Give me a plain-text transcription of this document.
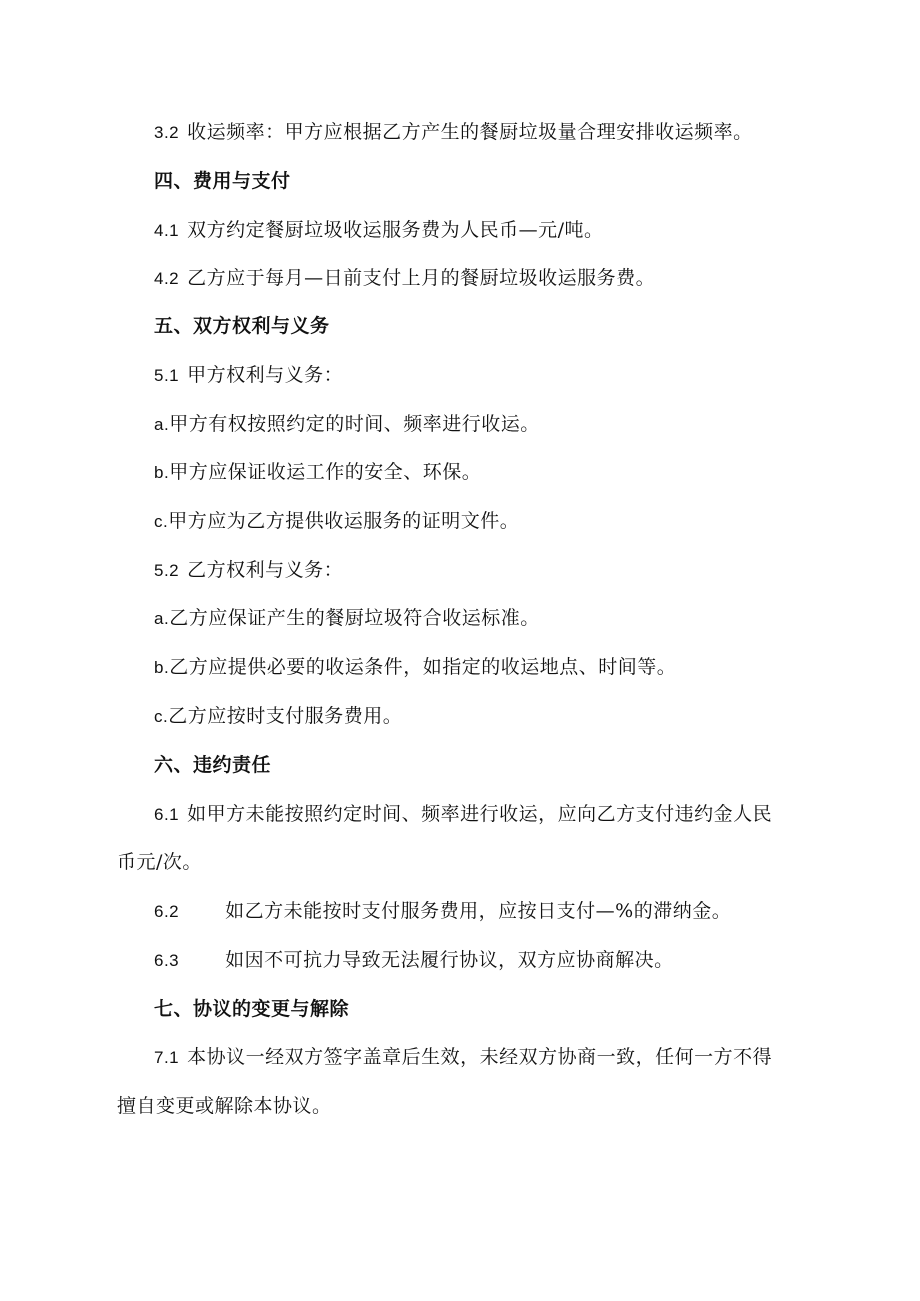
3.2 收运频率：甲方应根据乙方产生的餐厨垃圾量合理安排收运频率。
四、费用与支付
4.1 双方约定餐厨垃圾收运服务费为人民币—元/吨。
4.2 乙方应于每月—日前支付上月的餐厨垃圾收运服务费。
五、双方权利与义务
5.1 甲方权利与义务：
a.甲方有权按照约定的时间、频率进行收运。
b.甲方应保证收运工作的安全、环保。
c.甲方应为乙方提供收运服务的证明文件。
5.2 乙方权利与义务：
a.乙方应保证产生的餐厨垃圾符合收运标准。
b.乙方应提供必要的收运条件，如指定的收运地点、时间等。
c.乙方应按时支付服务费用。
六、违约责任
6.1 如甲方未能按照约定时间、频率进行收运，应向乙方支付违约金人民
币元/次。
6.2 如乙方未能按时支付服务费用，应按日支付—%的滞纳金。
6.3 如因不可抗力导致无法履行协议，双方应协商解决。
七、协议的变更与解除
7.1 本协议一经双方签字盖章后生效，未经双方协商一致，任何一方不得
擅自变更或解除本协议。
